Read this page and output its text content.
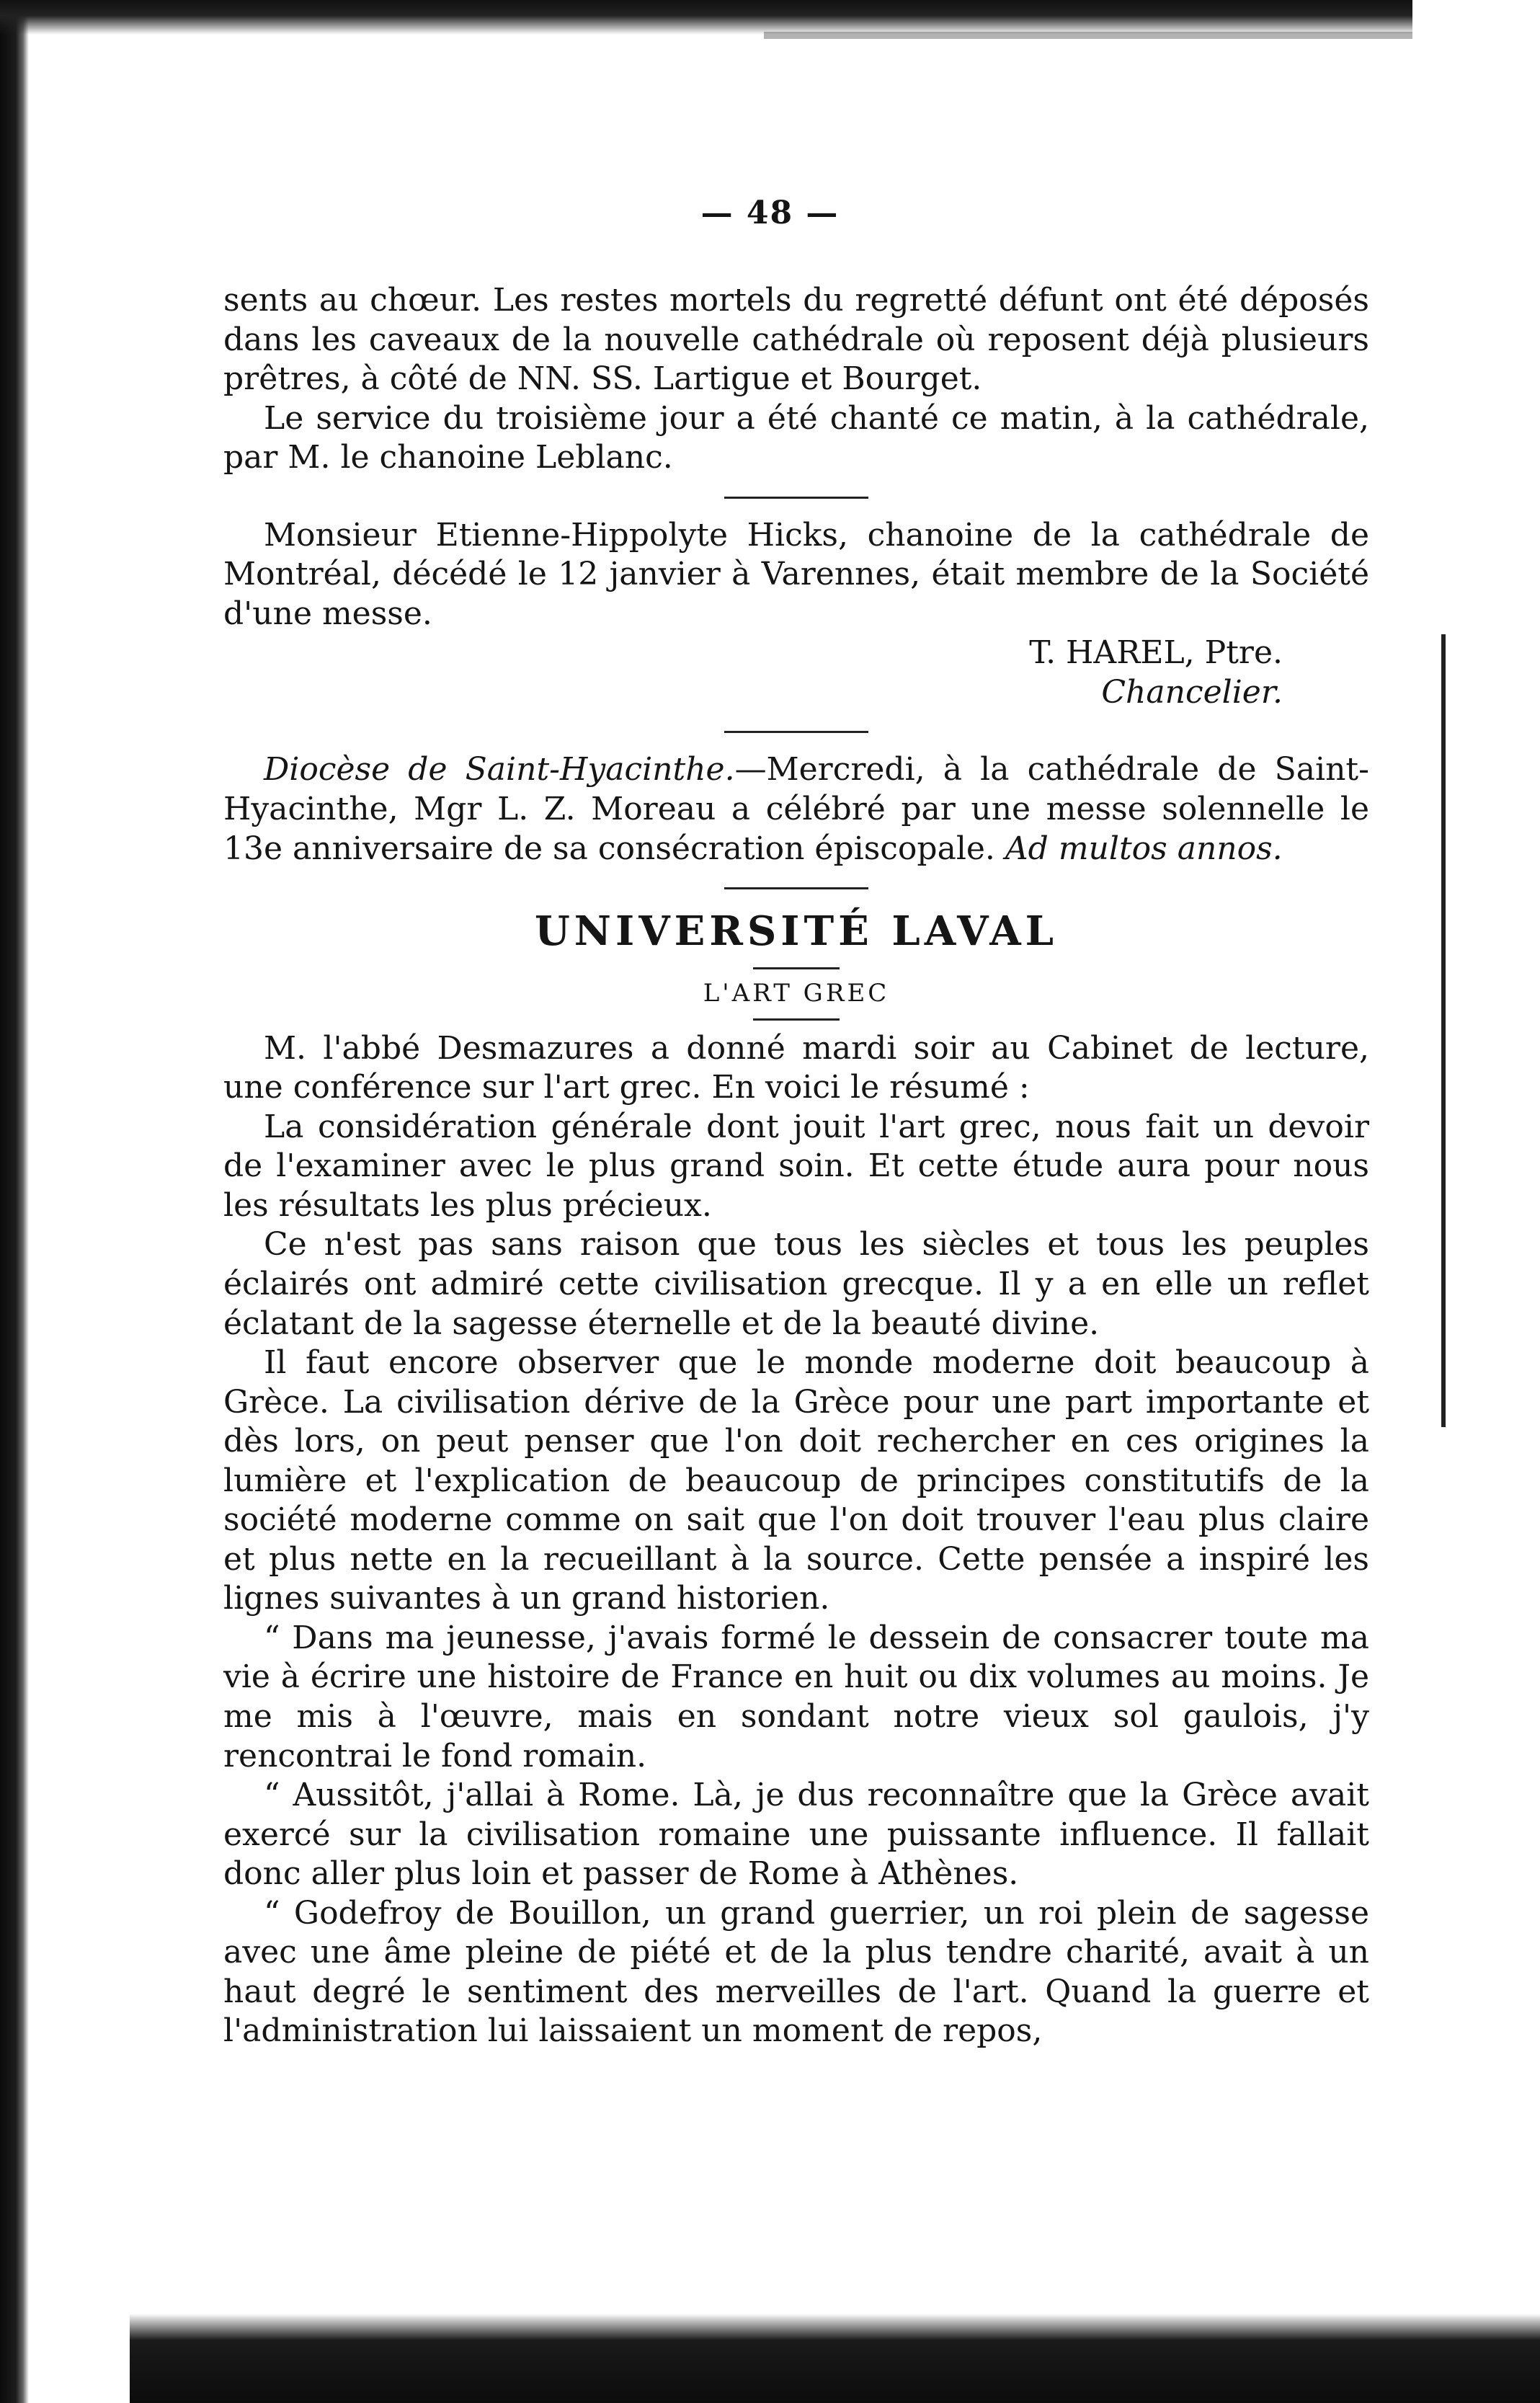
— 48 —

sents au chœur. Les restes mortels du regretté défunt ont été déposés dans les caveaux de la nouvelle cathédrale où reposent déjà plusieurs prêtres, à côté de NN. SS. Lartigue et Bourget.

Le service du troisième jour a été chanté ce matin, à la cathédrale, par M. le chanoine Leblanc.

Monsieur Etienne-Hippolyte Hicks, chanoine de la cathédrale de Montréal, décédé le 12 janvier à Varennes, était membre de la Société d'une messe.

T. HAREL, Ptre.
Chancelier.

Diocèse de Saint-Hyacinthe.—Mercredi, à la cathédrale de Saint-Hyacinthe, Mgr L. Z. Moreau a célébré par une messe solennelle le 13e anniversaire de sa consécration épiscopale. Ad multos annos.

UNIVERSITÉ LAVAL
L'ART GREC

M. l'abbé Desmazures a donné mardi soir au Cabinet de lecture, une conférence sur l'art grec. En voici le résumé :

La considération générale dont jouit l'art grec, nous fait un devoir de l'examiner avec le plus grand soin. Et cette étude aura pour nous les résultats les plus précieux.

Ce n'est pas sans raison que tous les siècles et tous les peuples éclairés ont admiré cette civilisation grecque. Il y a en elle un reflet éclatant de la sagesse éternelle et de la beauté divine.

Il faut encore observer que le monde moderne doit beaucoup à Grèce. La civilisation dérive de la Grèce pour une part importante et dès lors, on peut penser que l'on doit rechercher en ces origines la lumière et l'explication de beaucoup de principes constitutifs de la société moderne comme on sait que l'on doit trouver l'eau plus claire et plus nette en la recueillant à la source. Cette pensée a inspiré les lignes suivantes à un grand historien.

“ Dans ma jeunesse, j'avais formé le dessein de consacrer toute ma vie à écrire une histoire de France en huit ou dix volumes au moins. Je me mis à l'œuvre, mais en sondant notre vieux sol gaulois, j'y rencontrai le fond romain.

“ Aussitôt, j'allai à Rome. Là, je dus reconnaître que la Grèce avait exercé sur la civilisation romaine une puissante influence. Il fallait donc aller plus loin et passer de Rome à Athènes.

“ Godefroy de Bouillon, un grand guerrier, un roi plein de sagesse avec une âme pleine de piété et de la plus tendre charité, avait à un haut degré le sentiment des merveilles de l'art. Quand la guerre et l'administration lui laissaient un moment de repos,
